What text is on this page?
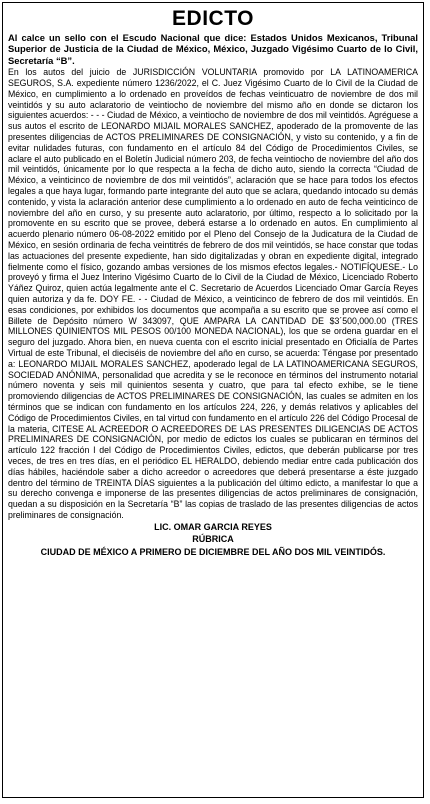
EDICTO

Al calce un sello con el Escudo Nacional que dice: Estados Unidos Mexicanos, Tribunal Superior de Justicia de la Ciudad de México, México, Juzgado Vigésimo Cuarto de lo Civil, Secretaría “B”.

En los autos del juicio de JURISDICCIÓN VOLUNTARIA promovido por LA LATINOAMERICA SEGUROS, S.A. expediente número 1236/2022, el C. Juez Vigésimo Cuarto de lo Civil de la Ciudad de México, en cumplimiento a lo ordenado en proveídos de fechas veinticuatro de noviembre de dos mil veintidós y su auto aclaratorio de veintiocho de noviembre del mismo año en donde se dictaron los siguientes acuerdos: - - - Ciudad de México, a veintiocho de noviembre de dos mil veintidós. Agréguese a sus autos el escrito de LEONARDO MIJAIL MORALES SANCHEZ, apoderado de la promovente de las presentes diligencias de ACTOS PRELIMINARES DE CONSIGNACIÓN, y visto su contenido, y a fin de evitar nulidades futuras, con fundamento en el artículo 84 del Código de Procedimientos Civiles, se aclare el auto publicado en el Boletín Judicial número 203, de fecha veintiocho de noviembre del año dos mil veintidós, únicamente por lo que respecta a la fecha de dicho auto, siendo la correcta “Ciudad de México, a veinticinco de noviembre de dos mil veintidós”, aclaración que se hace para todos los efectos legales a que haya lugar, formando parte integrante del auto que se aclara, quedando intocado su demás contenido, y vista la aclaración anterior dese cumplimiento a lo ordenado en auto de fecha veinticinco de noviembre del año en curso, y su presente auto aclaratorio, por último, respecto a lo solicitado por la promovente en su escrito que se provee, deberá estarse a lo ordenado en autos. En cumplimiento al acuerdo plenario número 06-08-2022 emitido por el Pleno del Consejo de la Judicatura de la Ciudad de México, en sesión ordinaria de fecha veintitrés de febrero de dos mil veintidós, se hace constar que todas las actuaciones del presente expediente, han sido digitalizadas y obran en expediente digital, integrado fielmente como el físico, gozando ambas versiones de los mismos efectos legales.- NOTIFÍQUESE.- Lo proveyó y firma el Juez Interino Vigésimo Cuarto de lo Civil de la Ciudad de México, Licenciado Roberto Yáñez Quiroz, quien actúa legalmente ante el C. Secretario de Acuerdos Licenciado Omar García Reyes quien autoriza y da fe. DOY FE. - - Ciudad de México, a veinticinco de febrero de dos mil veintidós. En esas condiciones, por exhibidos los documentos que acompaña a su escrito que se provee así como el Billete de Depósito número W 343097, QUE AMPARA LA CANTIDAD DE $3´500,000.00 (TRES MILLONES QUINIENTOS MIL PESOS 00/100 MONEDA NACIONAL), los que se ordena guardar en el seguro del juzgado. Ahora bien, en nueva cuenta con el escrito inicial presentado en Oficialía de Partes Virtual de este Tribunal, el dieciséis de noviembre del año en curso, se acuerda: Téngase por presentado a: LEONARDO MIJAIL MORALES SANCHEZ, apoderado legal de LA LATINOAMERICANA SEGUROS, SOCIEDAD ANÓNIMA, personalidad que acredita y se le reconoce en términos del instrumento notarial número noventa y seis mil quinientos sesenta y cuatro, que para tal efecto exhibe, se le tiene promoviendo diligencias de ACTOS PRELIMINARES DE CONSIGNACIÓN, las cuales se admiten en los términos que se indican con fundamento en los artículos 224, 226, y demás relativos y aplicables del Código de Procedimientos Civiles, en tal virtud con fundamento en el artículo 226 del Código Procesal de la materia, CITESE AL ACREEDOR O ACREEDORES DE LAS PRESENTES DILIGENCIAS DE ACTOS PRELIMINARES DE CONSIGNACIÓN, por medio de edictos los cuales se publicaran en términos del artículo 122 fracción I del Código de Procedimientos Civiles, edictos, que deberán publicarse por tres veces, de tres en tres días, en el periódico EL HERALDO, debiendo mediar entre cada publicación dos días hábiles, haciéndole saber a dicho acreedor o acreedores que deberá presentarse a éste juzgado dentro del término de TREINTA DÍAS siguientes a la publicación del último edicto, a manifestar lo que a su derecho convenga e imponerse de las presentes diligencias de actos preliminares de consignación, quedan a su disposición en la Secretaría “B” las copias de traslado de las presentes diligencias de actos preliminares de consignación.

LIC. OMAR GARCIA REYES
RÚBRICA
CIUDAD DE MÉXICO A PRIMERO DE DICIEMBRE DEL AÑO DOS MIL VEINTIDÓS.
